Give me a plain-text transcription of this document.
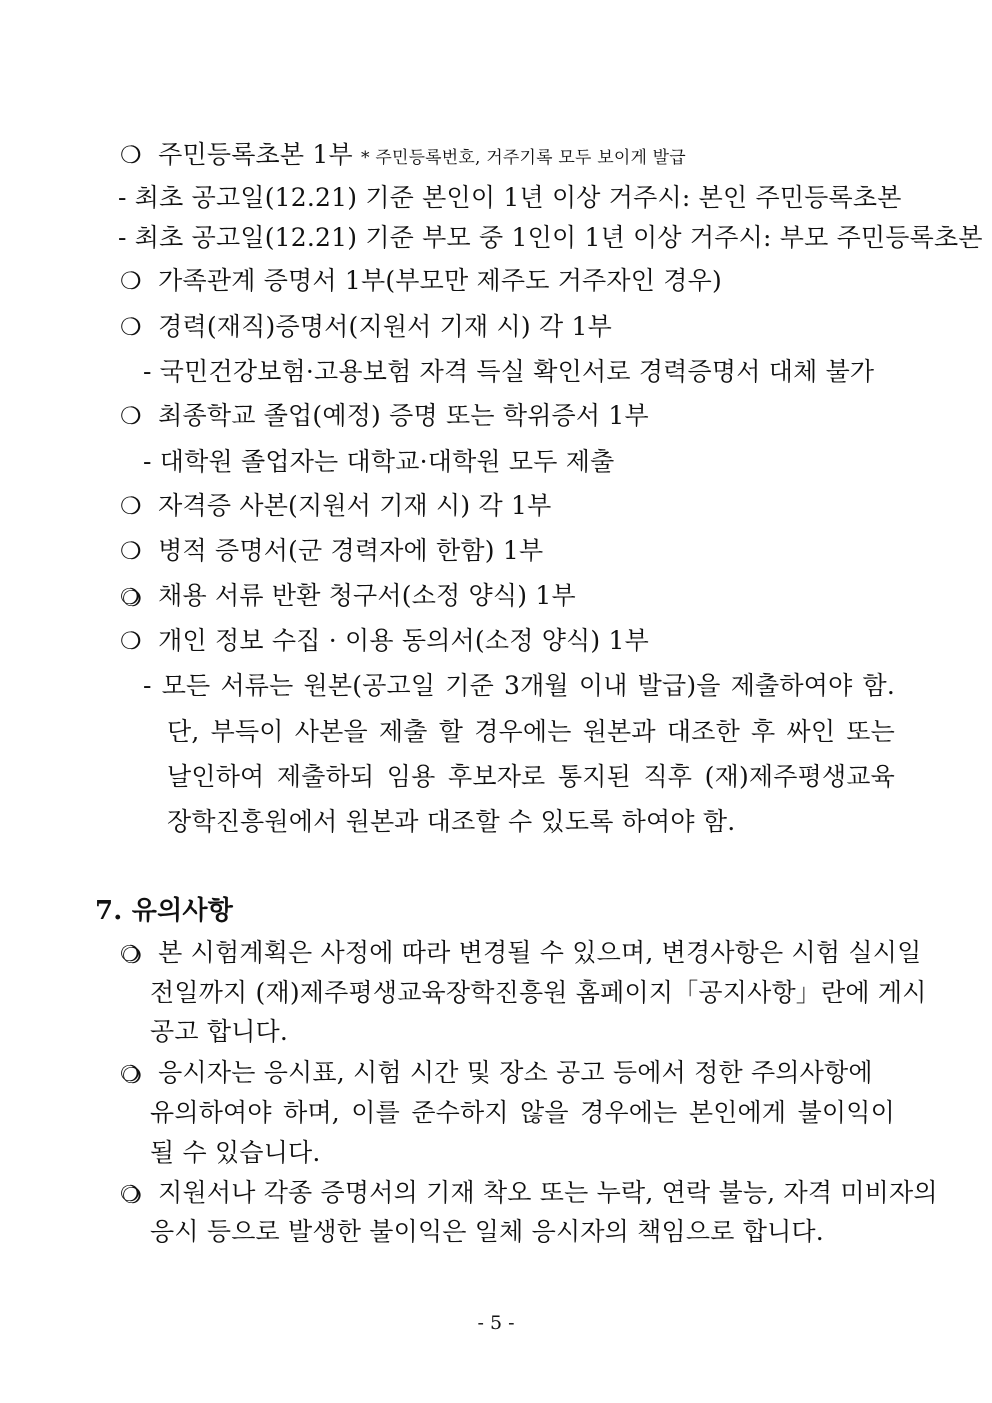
❍ 주민등록초본 1부 * 주민등록번호, 거주기록 모두 보이게 발급
- 최초 공고일(12.21) 기준 본인이 1년 이상 거주시: 본인 주민등록초본
- 최초 공고일(12.21) 기준 부모 중 1인이 1년 이상 거주시: 부모 주민등록초본
❍ 가족관계 증명서 1부(부모만 제주도 거주자인 경우)
❍ 경력(재직)증명서(지원서 기재 시) 각 1부
- 국민건강보험·고용보험 자격 득실 확인서로 경력증명서 대체 불가
❍ 최종학교 졸업(예정) 증명 또는 학위증서 1부
- 대학원 졸업자는 대학교·대학원 모두 제출
❍ 자격증 사본(지원서 기재 시) 각 1부
❍ 병적 증명서(군 경력자에 한함) 1부
❍ 채용 서류 반환 청구서(소정 양식) 1부
❍ 개인 정보 수집 · 이용 동의서(소정 양식) 1부
- 모든 서류는 원본(공고일 기준 3개월 이내 발급)을 제출하여야 함.
단, 부득이 사본을 제출 할 경우에는 원본과 대조한 후 싸인 또는
날인하여 제출하되 임용 후보자로 통지된 직후 (재)제주평생교육
장학진흥원에서 원본과 대조할 수 있도록 하여야 함.
7. 유의사항
❍ 본 시험계획은 사정에 따라 변경될 수 있으며, 변경사항은 시험 실시일
전일까지 (재)제주평생교육장학진흥원 홈페이지「공지사항」란에 게시
공고 합니다.
❍ 응시자는 응시표, 시험 시간 및 장소 공고 등에서 정한 주의사항에
유의하여야 하며, 이를 준수하지 않을 경우에는 본인에게 불이익이
될 수 있습니다.
❍ 지원서나 각종 증명서의 기재 착오 또는 누락, 연락 불능, 자격 미비자의
응시 등으로 발생한 불이익은 일체 응시자의 책임으로 합니다.
- 5 -
